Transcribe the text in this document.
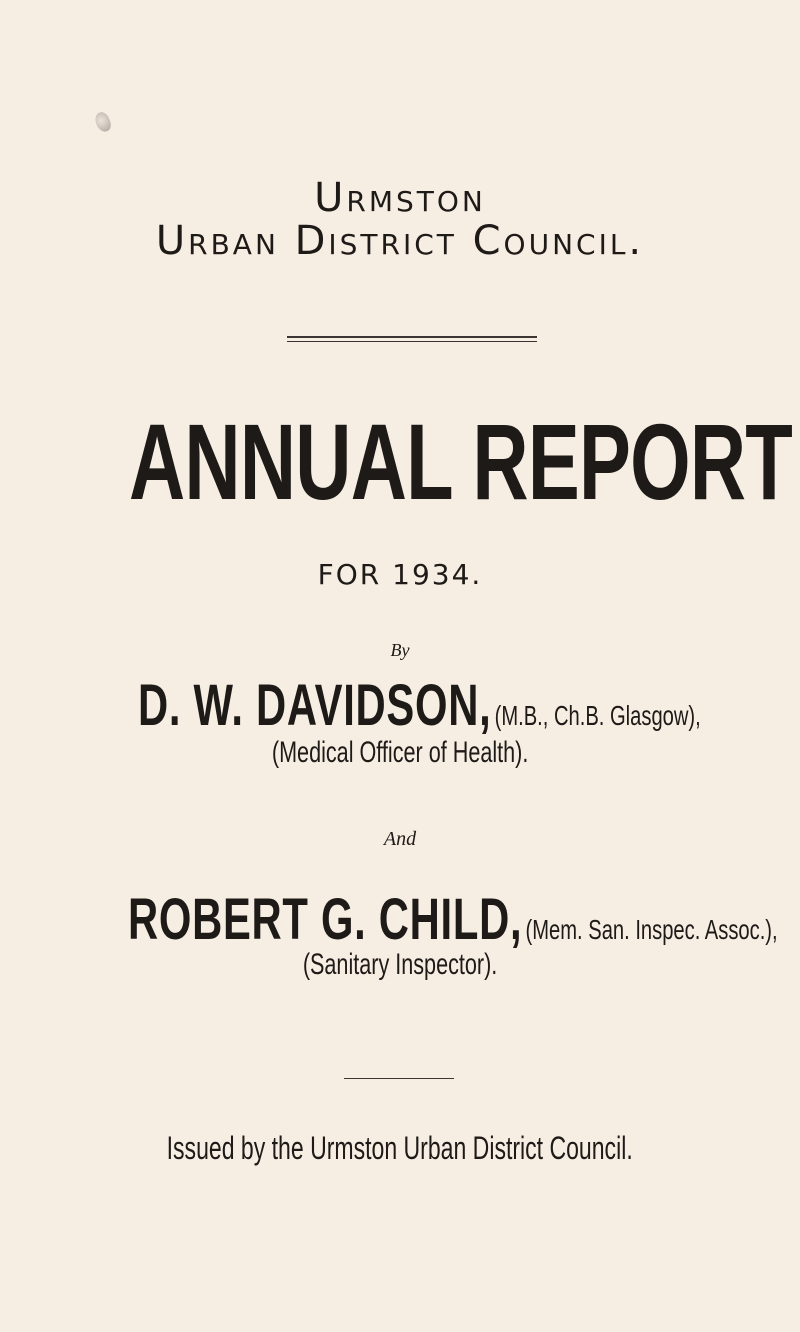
Urmston
Urban District Council.
ANNUAL REPORT
FOR 1934.
By
D. W. DAVIDSON, (M.B., Ch.B. Glasgow),
(Medical Officer of Health).
And
ROBERT G. CHILD, (Mem. San. Inspec. Assoc.),
(Sanitary Inspector).
Issued by the Urmston Urban District Council.
